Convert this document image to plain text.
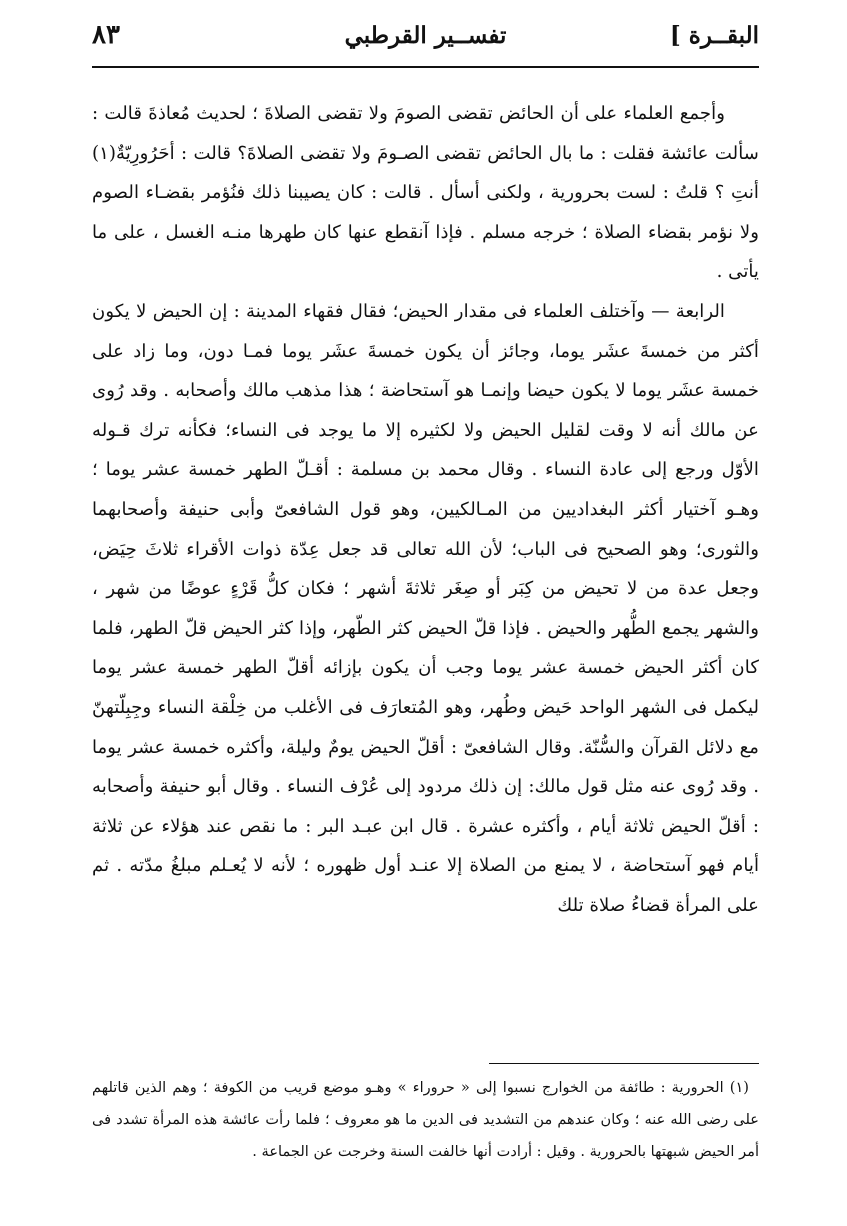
٨٣	تفســير القرطبي	البقــرة ]

وأجمع العلماء على أن الحائض تقضى الصومَ ولا تقضى الصلاةَ ؛ لحديث مُعاذةَ قالت : سألت عائشة فقلت : ما بال الحائض تقضى الصـومَ ولا تقضى الصلاةَ؟ قالت : أحَرُورِيّةٌ(١) أنتِ ؟ قلتُ : لست بحرورية ، ولكنى أسأل . قالت : كان يصيبنا ذلك فنُؤمر بقضـاء الصوم ولا نؤمر بقضاء الصلاة ؛ خرجه مسلم . فإذا آنقطع عنها كان طهرها منـه الغسل ، على ما يأتى .

الرابعة — وآختلف العلماء فى مقدار الحيض؛ فقال فقهاء المدينة : إن الحيض لا يكون أكثر من خمسةَ عشَر يوما، وجائز أن يكون خمسةَ عشَر يوما فمـا دون، وما زاد على خمسة عشَر يوما لا يكون حيضا وإنمـا هو آستحاضة ؛ هذا مذهب مالك وأصحابه . وقد رُوى عن مالك أنه لا وقت لقليل الحيض ولا لكثيره إلا ما يوجد فى النساء؛ فكأنه ترك قـوله الأوّل ورجع إلى عادة النساء . وقال محمد بن مسلمة : أقـلّ الطهر خمسة عشر يوما ؛ وهـو آختيار أكثر البغداديين من المـالكيين، وهو قول الشافعىّ وأبى حنيفة وأصحابهما والثورى؛ وهو الصحيح فى الباب؛ لأن الله تعالى قد جعل عِدّة ذوات الأقراء ثلاثَ حِيَض، وجعل عدة من لا تحيض من كِبَر أو صِغَر ثلاثةَ أشهر ؛ فكان كلُّ قَرْءٍ عوضًا من شهر ، والشهر يجمع الطُّهر والحيض . فإذا قلّ الحيض كثر الطّهر، وإذا كثر الحيض قلّ الطهر، فلما كان أكثر الحيض خمسة عشر يوما وجب أن يكون بإزائه أقلّ الطهر خمسة عشر يوما ليكمل فى الشهر الواحد حَيض وطُهر، وهو المُتعارَف فى الأغلب من خِلْقة النساء وجِبِلّتهنّ مع دلائل القرآن والسُّنّة. وقال الشافعىّ : أقلّ الحيض يومٌ وليلة، وأكثره خمسة عشر يوما . وقد رُوى عنه مثل قول مالك: إن ذلك مردود إلى عُرْف النساء . وقال أبو حنيفة وأصحابه : أقلّ الحيض ثلاثة أيام ، وأكثره عشرة . قال ابن عبـد البر : ما نقص عند هؤلاء عن ثلاثة أيام فهو آستحاضة ، لا يمنع من الصلاة إلا عنـد أول ظهوره ؛ لأنه لا يُعـلم مبلغُ مدّته . ثم على المرأة قضاءُ صلاة تلك

(١) الحرورية : طائفة من الخوارج نسبوا إلى « حروراء » وهـو موضع قريب من الكوفة ؛ وهم الذين قاتلهم على رضى الله عنه ؛ وكان عندهم من التشديد فى الدين ما هو معروف ؛ فلما رأت عائشة هذه المرأة تشدد فى أمر الحيض شبهتها بالحرورية . وقيل : أرادت أنها خالفت السنة وخرجت عن الجماعة .
